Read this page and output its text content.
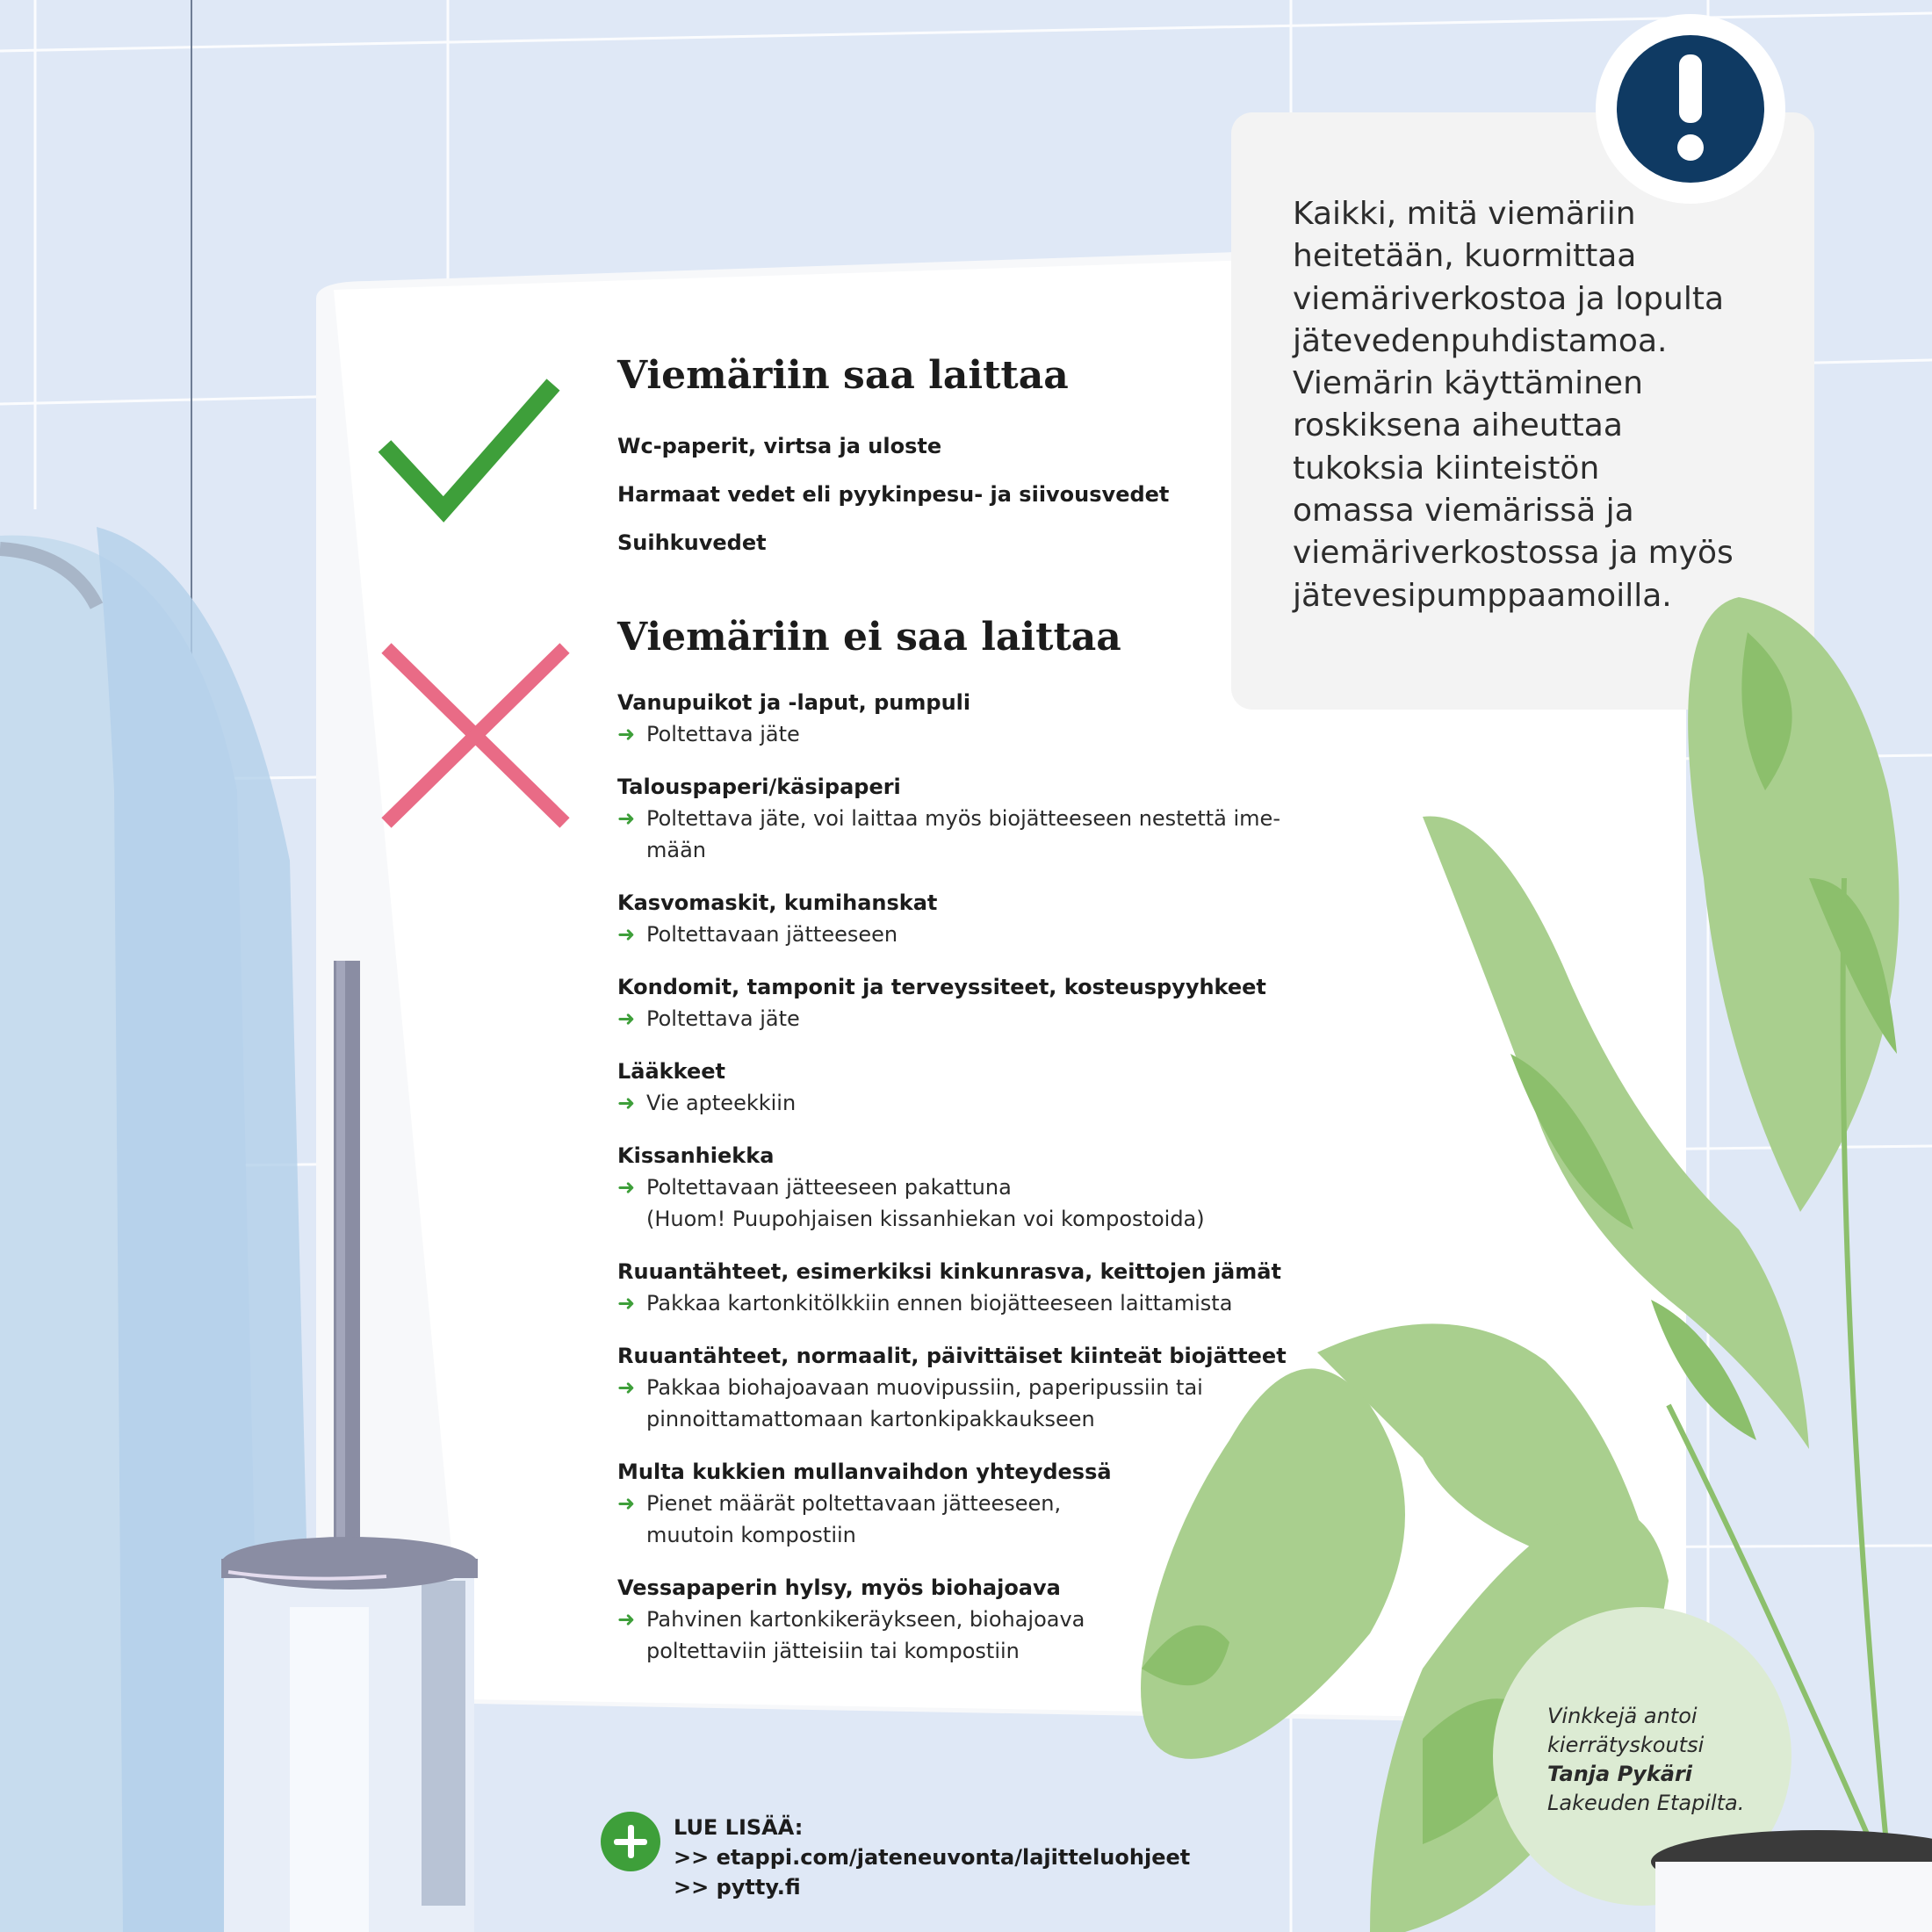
Viemäriin saa laittaa
Wc-paperit, virtsa ja uloste
Harmaat vedet eli pyykinpesu- ja siivousvedet
Suihkuvedet
Viemäriin ei saa laittaa
Vanupuikot ja -laput, pumpuli
➜ Poltettava jäte
Talouspaperi/käsipaperi
➜ Poltettava jäte, voi laittaa myös biojätteeseen nestettä ime-
mään
Kasvomaskit, kumihanskat
➜ Poltettavaan jätteeseen
Kondomit, tamponit ja terveyssiteet, kosteuspyyhkeet
➜ Poltettava jäte
Lääkkeet
➜ Vie apteekkiin
Kissanhiekka
➜ Poltettavaan jätteeseen pakattuna
(Huom! Puupohjaisen kissanhiekan voi kompostoida)
Ruuantähteet, esimerkiksi kinkunrasva, keittojen jämät
➜ Pakkaa kartonkitölkkiin ennen biojätteeseen laittamista
Ruuantähteet, normaalit, päivittäiset kiinteät biojätteet
➜ Pakkaa biohajoavaan muovipussiin, paperipussiin tai
pinnoittamattomaan kartonkipakkaukseen
Multa kukkien mullanvaihdon yhteydessä
➜ Pienet määrät poltettavaan jätteeseen,
muutoin kompostiin
Vessapaperin hylsy, myös biohajoava
➜ Pahvinen kartonkikeräykseen, biohajoava
poltettaviin jätteisiin tai kompostiin
Kaikki, mitä viemäriin
heitetään, kuormittaa
viemäriverkostoa ja lopulta
jätevedenpuhdistamoa.
Viemärin käyttäminen
roskiksena aiheuttaa
tukoksia kiinteistön
omassa viemärissä ja
viemäriverkostossa ja myös
jätevesipumppaamoilla.
Vinkkejä antoi
kierrätyskoutsi
Tanja Pykäri
Lakeuden Etapilta.
LUE LISÄÄ:
>> etappi.com/jateneuvonta/lajitteluohjeet
>> pytty.fi
